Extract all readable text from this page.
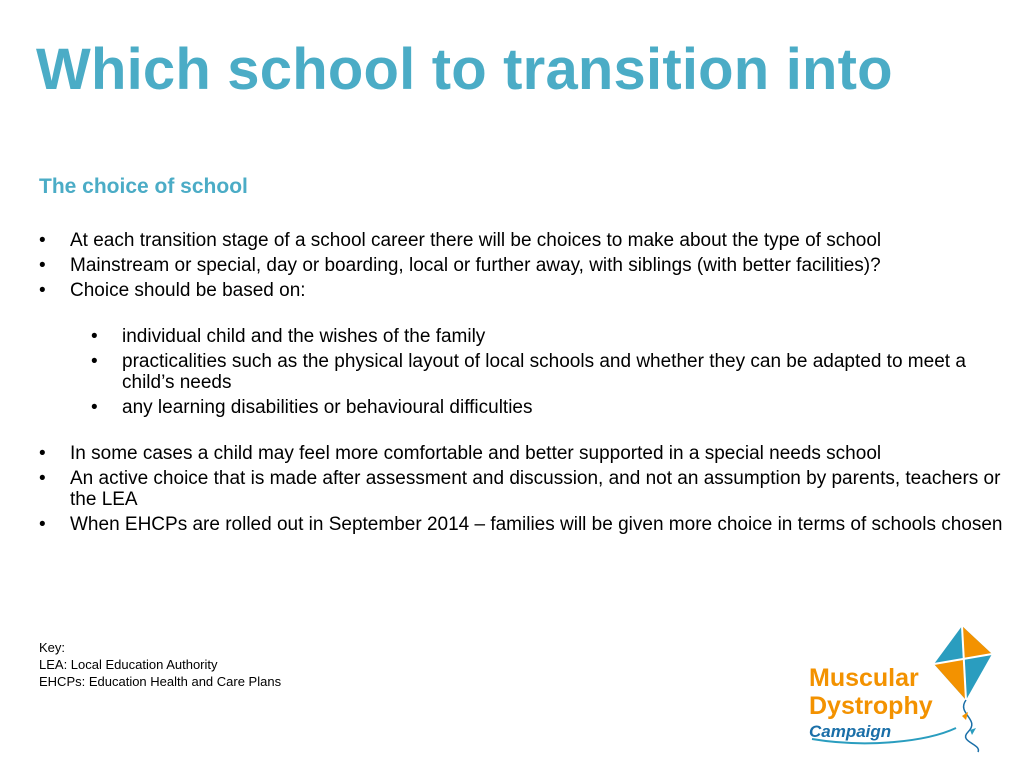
Which school to transition into
The choice of school
•	At each transition stage of a school career there will be choices to make about the type of school
•	Mainstream or special, day or boarding, local or further away, with siblings (with better facilities)?
•	Choice should be based on:
•	individual child and the wishes of the family
•	practicalities such as the physical layout of local schools and whether they can be adapted to meet a child’s needs
•	any learning disabilities or behavioural difficulties
•	In some cases a child may feel more comfortable and better supported in a special needs school
•	An active choice that is made after assessment and discussion, and not an assumption by parents, teachers or the LEA
•	When EHCPs are rolled out in September 2014 – families will be given more choice in terms of schools chosen
Key:
LEA: Local Education Authority
EHCPs: Education Health and Care Plans	Muscular
Dystrophy
Campaign
